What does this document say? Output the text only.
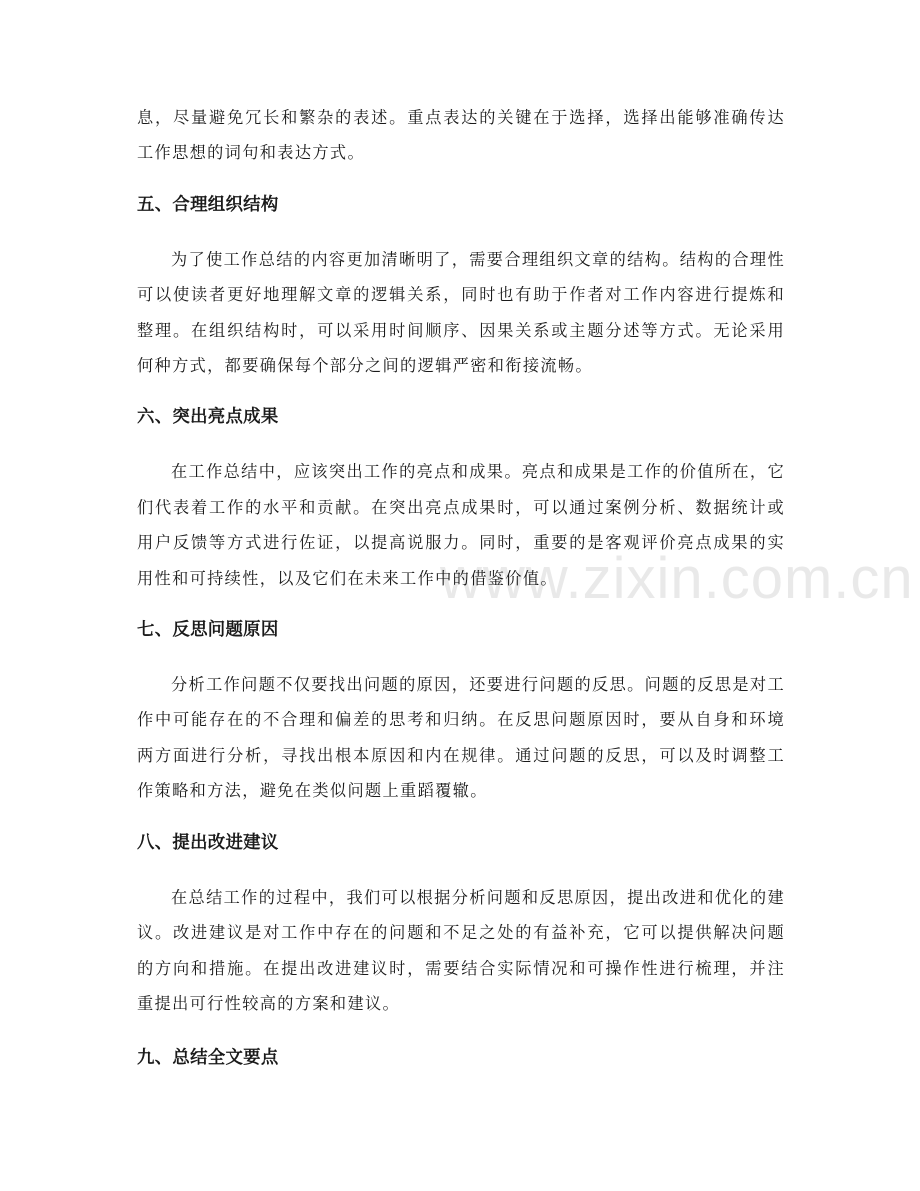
www.zixin.com.cn

息，尽量避免冗长和繁杂的表述。重点表达的关键在于选择，选择出能够准确传达工作思想的词句和表达方式。

五、合理组织结构

为了使工作总结的内容更加清晰明了，需要合理组织文章的结构。结构的合理性可以使读者更好地理解文章的逻辑关系，同时也有助于作者对工作内容进行提炼和整理。在组织结构时，可以采用时间顺序、因果关系或主题分述等方式。无论采用何种方式，都要确保每个部分之间的逻辑严密和衔接流畅。

六、突出亮点成果

在工作总结中，应该突出工作的亮点和成果。亮点和成果是工作的价值所在，它们代表着工作的水平和贡献。在突出亮点成果时，可以通过案例分析、数据统计或用户反馈等方式进行佐证，以提高说服力。同时，重要的是客观评价亮点成果的实用性和可持续性，以及它们在未来工作中的借鉴价值。

七、反思问题原因

分析工作问题不仅要找出问题的原因，还要进行问题的反思。问题的反思是对工作中可能存在的不合理和偏差的思考和归纳。在反思问题原因时，要从自身和环境两方面进行分析，寻找出根本原因和内在规律。通过问题的反思，可以及时调整工作策略和方法，避免在类似问题上重蹈覆辙。

八、提出改进建议

在总结工作的过程中，我们可以根据分析问题和反思原因，提出改进和优化的建议。改进建议是对工作中存在的问题和不足之处的有益补充，它可以提供解决问题的方向和措施。在提出改进建议时，需要结合实际情况和可操作性进行梳理，并注重提出可行性较高的方案和建议。

九、总结全文要点
